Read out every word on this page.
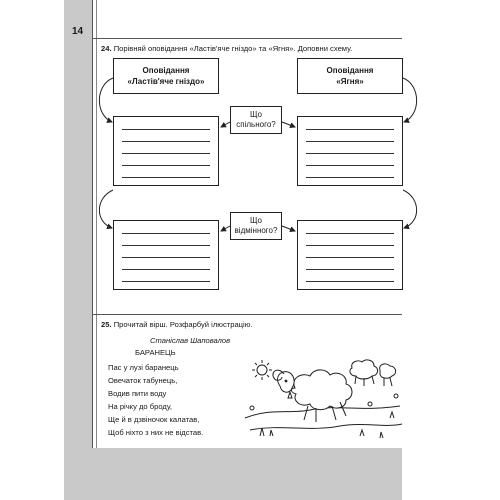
14
24. Порівняй оповідання «Ластів'яче гніздо» та «Ягня». Доповни схему.
Оповідання
«Ластів'яче гніздо»
Оповідання
«Ягня»
Що
спільного?
Що
відмінного?
25. Прочитай вірш. Розфарбуй ілюстрацію.
Станіслав Шаповалов
БАРАНЕЦЬ
Пас у лузі баранець
Овечаток табунець,
Водив пити воду
На річку до броду,
Ще й в дзвіночок калатав,
Щоб ніхто з них не відстав.
